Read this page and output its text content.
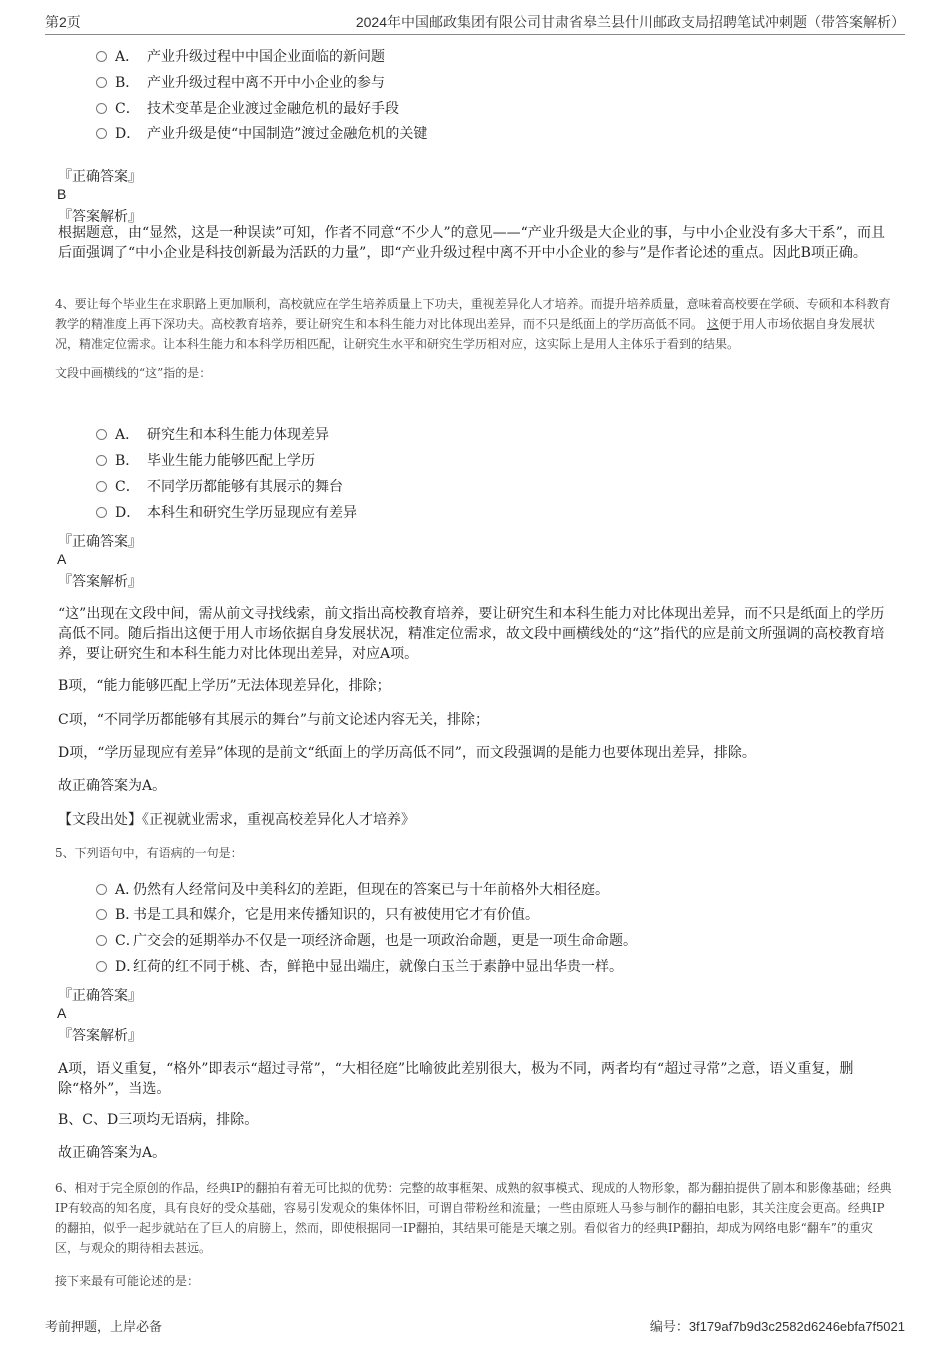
第2页	2024年中国邮政集团有限公司甘肃省皋兰县什川邮政支局招聘笔试冲刺题（带答案解析）
A． 产业升级过程中中国企业面临的新问题
B． 产业升级过程中离不开中小企业的参与
C． 技术变革是企业渡过金融危机的最好手段
D． 产业升级是使“中国制造”渡过金融危机的关键
『正确答案』
B
『答案解析』
根据题意，由“显然，这是一种误读”可知，作者不同意“不少人”的意见——“产业升级是大企业的事，与中小企业没有多大干系”，而且后面强调了“中小企业是科技创新最为活跃的力量”，即“产业升级过程中离不开中小企业的参与”是作者论述的重点。因此B项正确。
4、要让每个毕业生在求职路上更加顺利，高校就应在学生培养质量上下功夫，重视差异化人才培养。而提升培养质量，意味着高校要在学硕、专硕和本科教育教学的精准度上再下深功夫。高校教育培养，要让研究生和本科生能力对比体现出差异，而不只是纸面上的学历高低不同。 这便于用人市场依据自身发展状况，精准定位需求。让本科生能力和本科学历相匹配，让研究生水平和研究生学历相对应，这实际上是用人主体乐于看到的结果。
文段中画横线的“这”指的是：
A． 研究生和本科生能力体现差异
B． 毕业生能力能够匹配上学历
C． 不同学历都能够有其展示的舞台
D． 本科生和研究生学历显现应有差异
『正确答案』
A
『答案解析』
“这”出现在文段中间，需从前文寻找线索，前文指出高校教育培养，要让研究生和本科生能力对比体现出差异，而不只是纸面上的学历高低不同。随后指出这便于用人市场依据自身发展状况，精准定位需求，故文段中画横线处的“这”指代的应是前文所强调的高校教育培养，要让研究生和本科生能力对比体现出差异，对应A项。
B项，“能力能够匹配上学历”无法体现差异化，排除；
C项，“不同学历都能够有其展示的舞台”与前文论述内容无关，排除；
D项，“学历显现应有差异”体现的是前文“纸面上的学历高低不同”，而文段强调的是能力也要体现出差异，排除。
故正确答案为A。
【文段出处】《正视就业需求，重视高校差异化人才培养》
5、下列语句中，有语病的一句是：
A．仍然有人经常问及中美科幻的差距，但现在的答案已与十年前格外大相径庭。
B．书是工具和媒介，它是用来传播知识的，只有被使用它才有价值。
C．广交会的延期举办不仅是一项经济命题，也是一项政治命题，更是一项生命命题。
D．红荷的红不同于桃、杏，鲜艳中显出端庄，就像白玉兰于素静中显出华贵一样。
『正确答案』
A
『答案解析』
A项，语义重复，“格外”即表示“超过寻常”，“大相径庭”比喻彼此差别很大，极为不同，两者均有“超过寻常”之意，语义重复，删除“格外”，当选。
B、C、D三项均无语病，排除。
故正确答案为A。
6、相对于完全原创的作品，经典IP的翻拍有着无可比拟的优势：完整的故事框架、成熟的叙事模式、现成的人物形象，都为翻拍提供了剧本和影像基础；经典IP有较高的知名度，具有良好的受众基础，容易引发观众的集体怀旧，可谓自带粉丝和流量；一些由原班人马参与制作的翻拍电影，其关注度会更高。经典IP的翻拍，似乎一起步就站在了巨人的肩膀上，然而，即使根据同一IP翻拍，其结果可能是天壤之别。看似省力的经典IP翻拍，却成为网络电影“翻车”的重灾区，与观众的期待相去甚远。
接下来最有可能论述的是：
考前押题，上岸必备	编号：3f179af7b9d3c2582d6246ebfa7f5021
